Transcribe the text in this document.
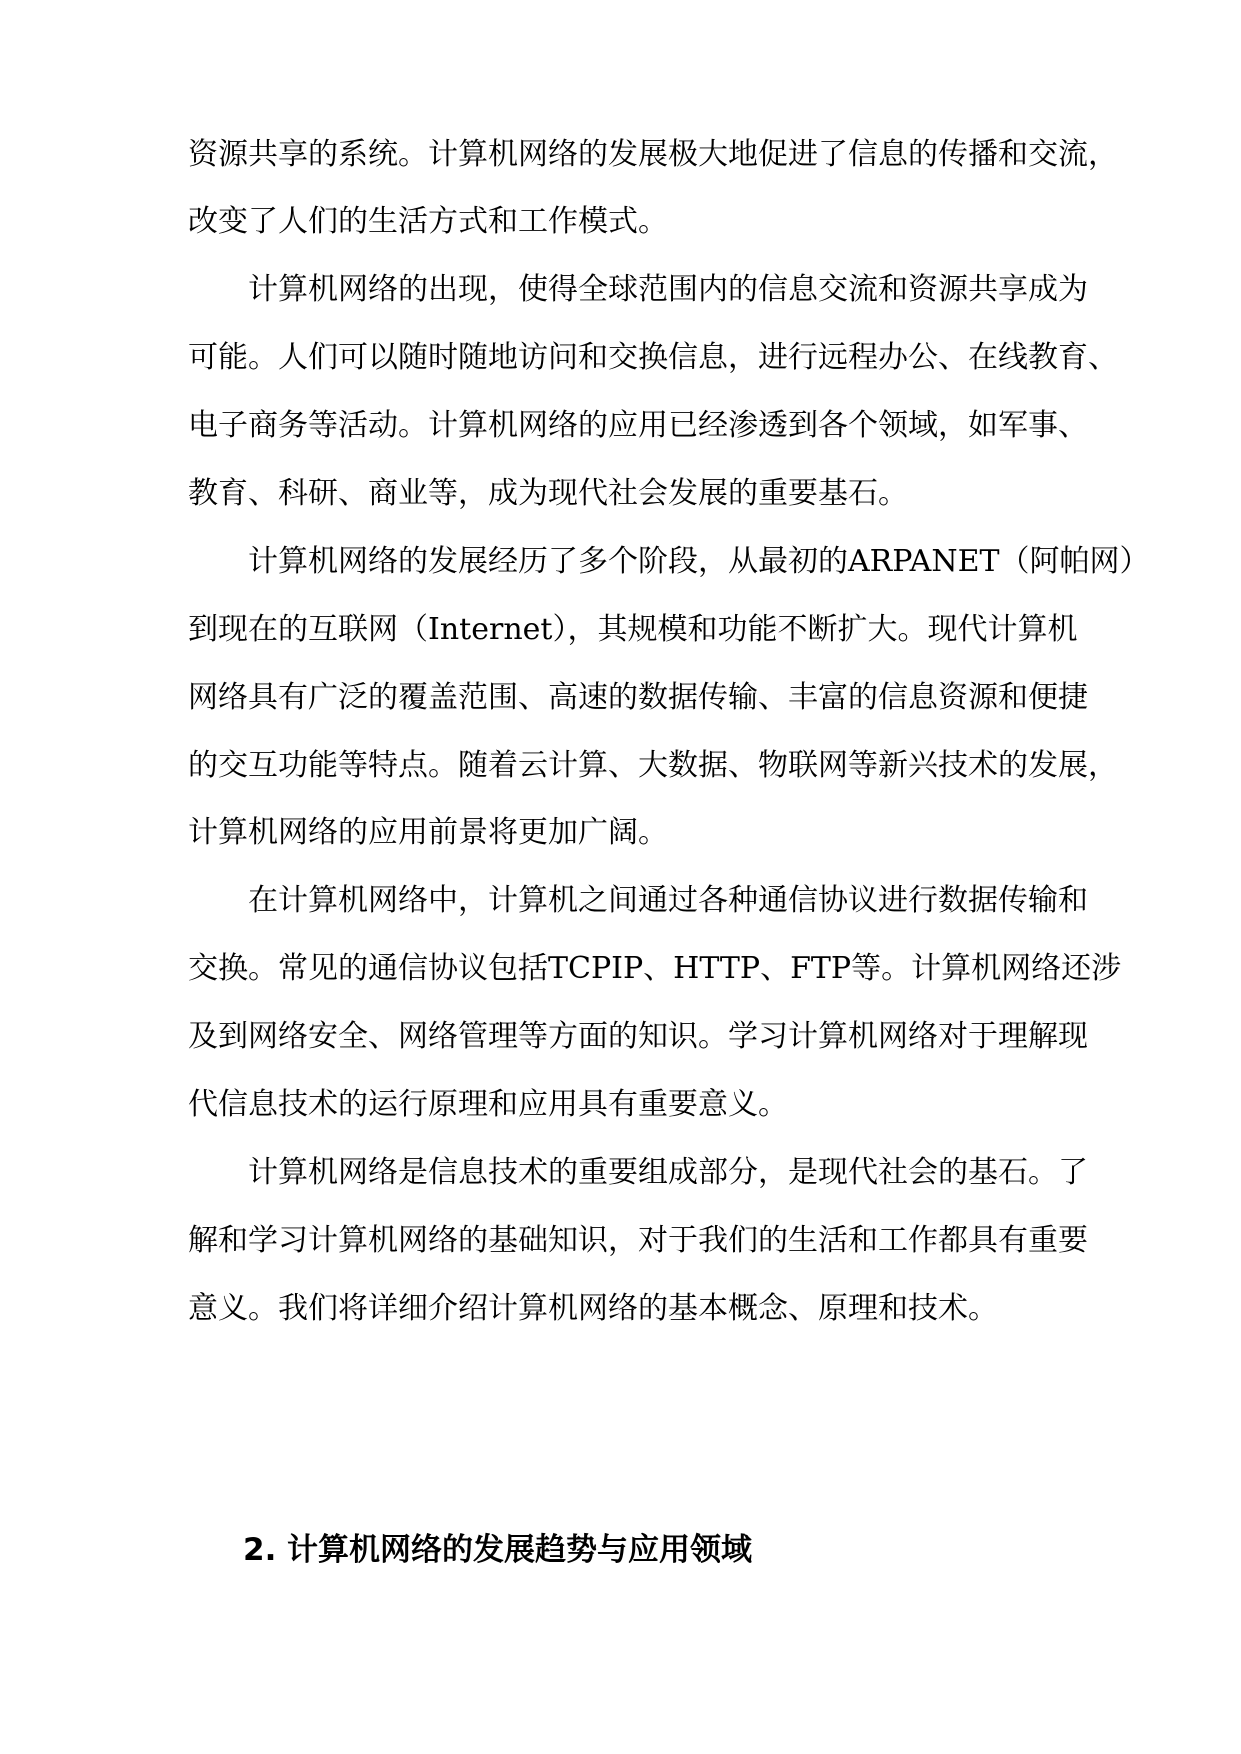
资源共享的系统。计算机网络的发展极大地促进了信息的传播和交流，
改变了人们的生活方式和工作模式。
计算机网络的出现，使得全球范围内的信息交流和资源共享成为
可能。人们可以随时随地访问和交换信息，进行远程办公、在线教育、
电子商务等活动。计算机网络的应用已经渗透到各个领域，如军事、
教育、科研、商业等，成为现代社会发展的重要基石。
计算机网络的发展经历了多个阶段，从最初的ARPANET（阿帕网）
到现在的互联网（Internet），其规模和功能不断扩大。现代计算机
网络具有广泛的覆盖范围、高速的数据传输、丰富的信息资源和便捷
的交互功能等特点。随着云计算、大数据、物联网等新兴技术的发展，
计算机网络的应用前景将更加广阔。
在计算机网络中，计算机之间通过各种通信协议进行数据传输和
交换。常见的通信协议包括TCPIP、HTTP、FTP等。计算机网络还涉
及到网络安全、网络管理等方面的知识。学习计算机网络对于理解现
代信息技术的运行原理和应用具有重要意义。
计算机网络是信息技术的重要组成部分，是现代社会的基石。了
解和学习计算机网络的基础知识，对于我们的生活和工作都具有重要
意义。我们将详细介绍计算机网络的基本概念、原理和技术。
2. 计算机网络的发展趋势与应用领域
